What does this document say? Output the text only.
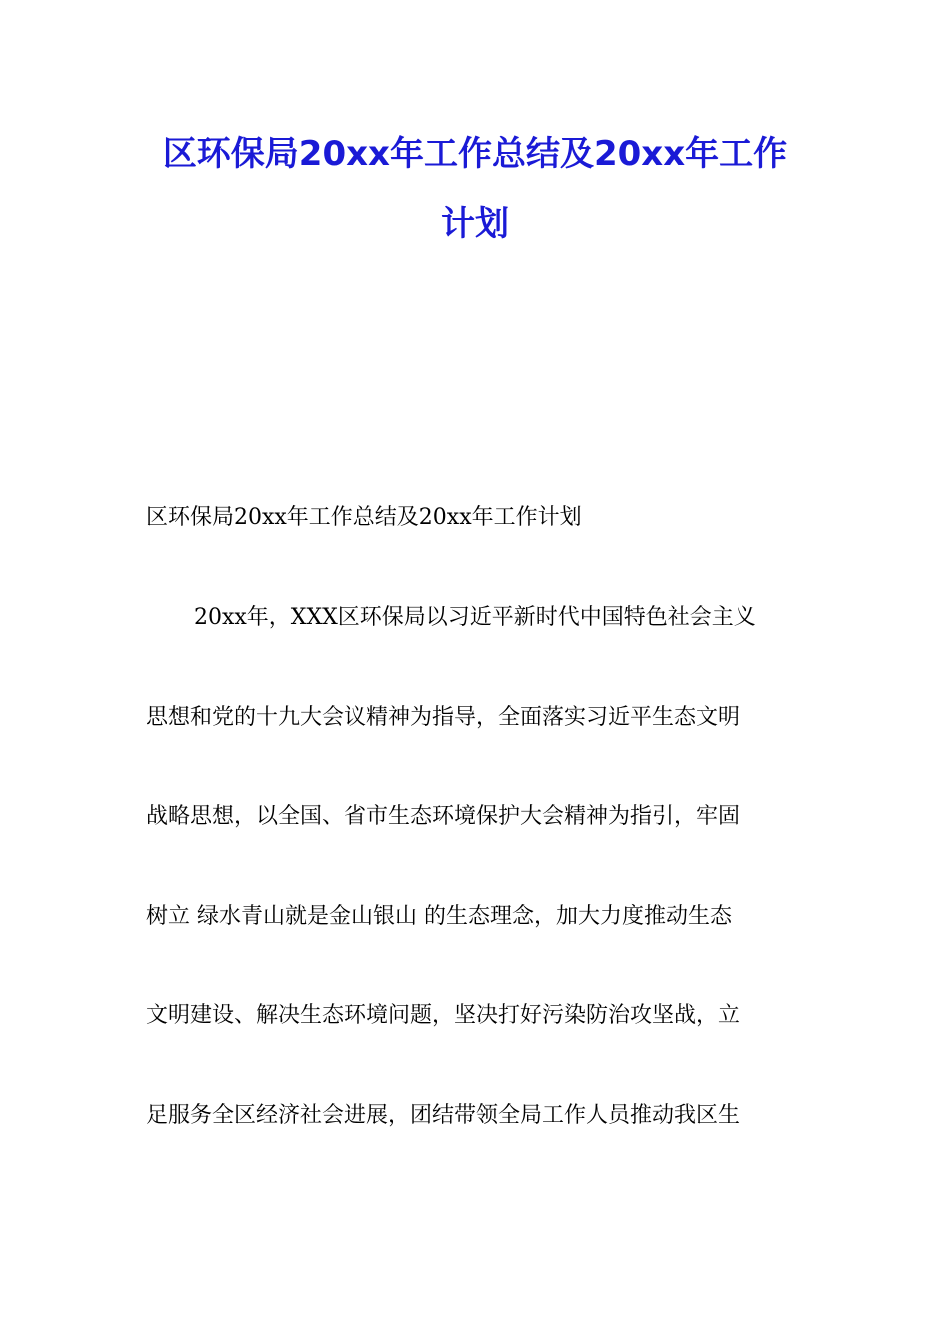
区环保局20xx年工作总结及20xx年工作
计划
区环保局20xx年工作总结及20xx年工作计划
20xx年，XXX区环保局以习近平新时代中国特色社会主义
思想和党的十九大会议精神为指导，全面落实习近平生态文明
战略思想，以全国、省市生态环境保护大会精神为指引，牢固
树立 绿水青山就是金山银山 的生态理念，加大力度推动生态
文明建设、解决生态环境问题，坚决打好污染防治攻坚战，立
足服务全区经济社会进展，团结带领全局工作人员推动我区生
